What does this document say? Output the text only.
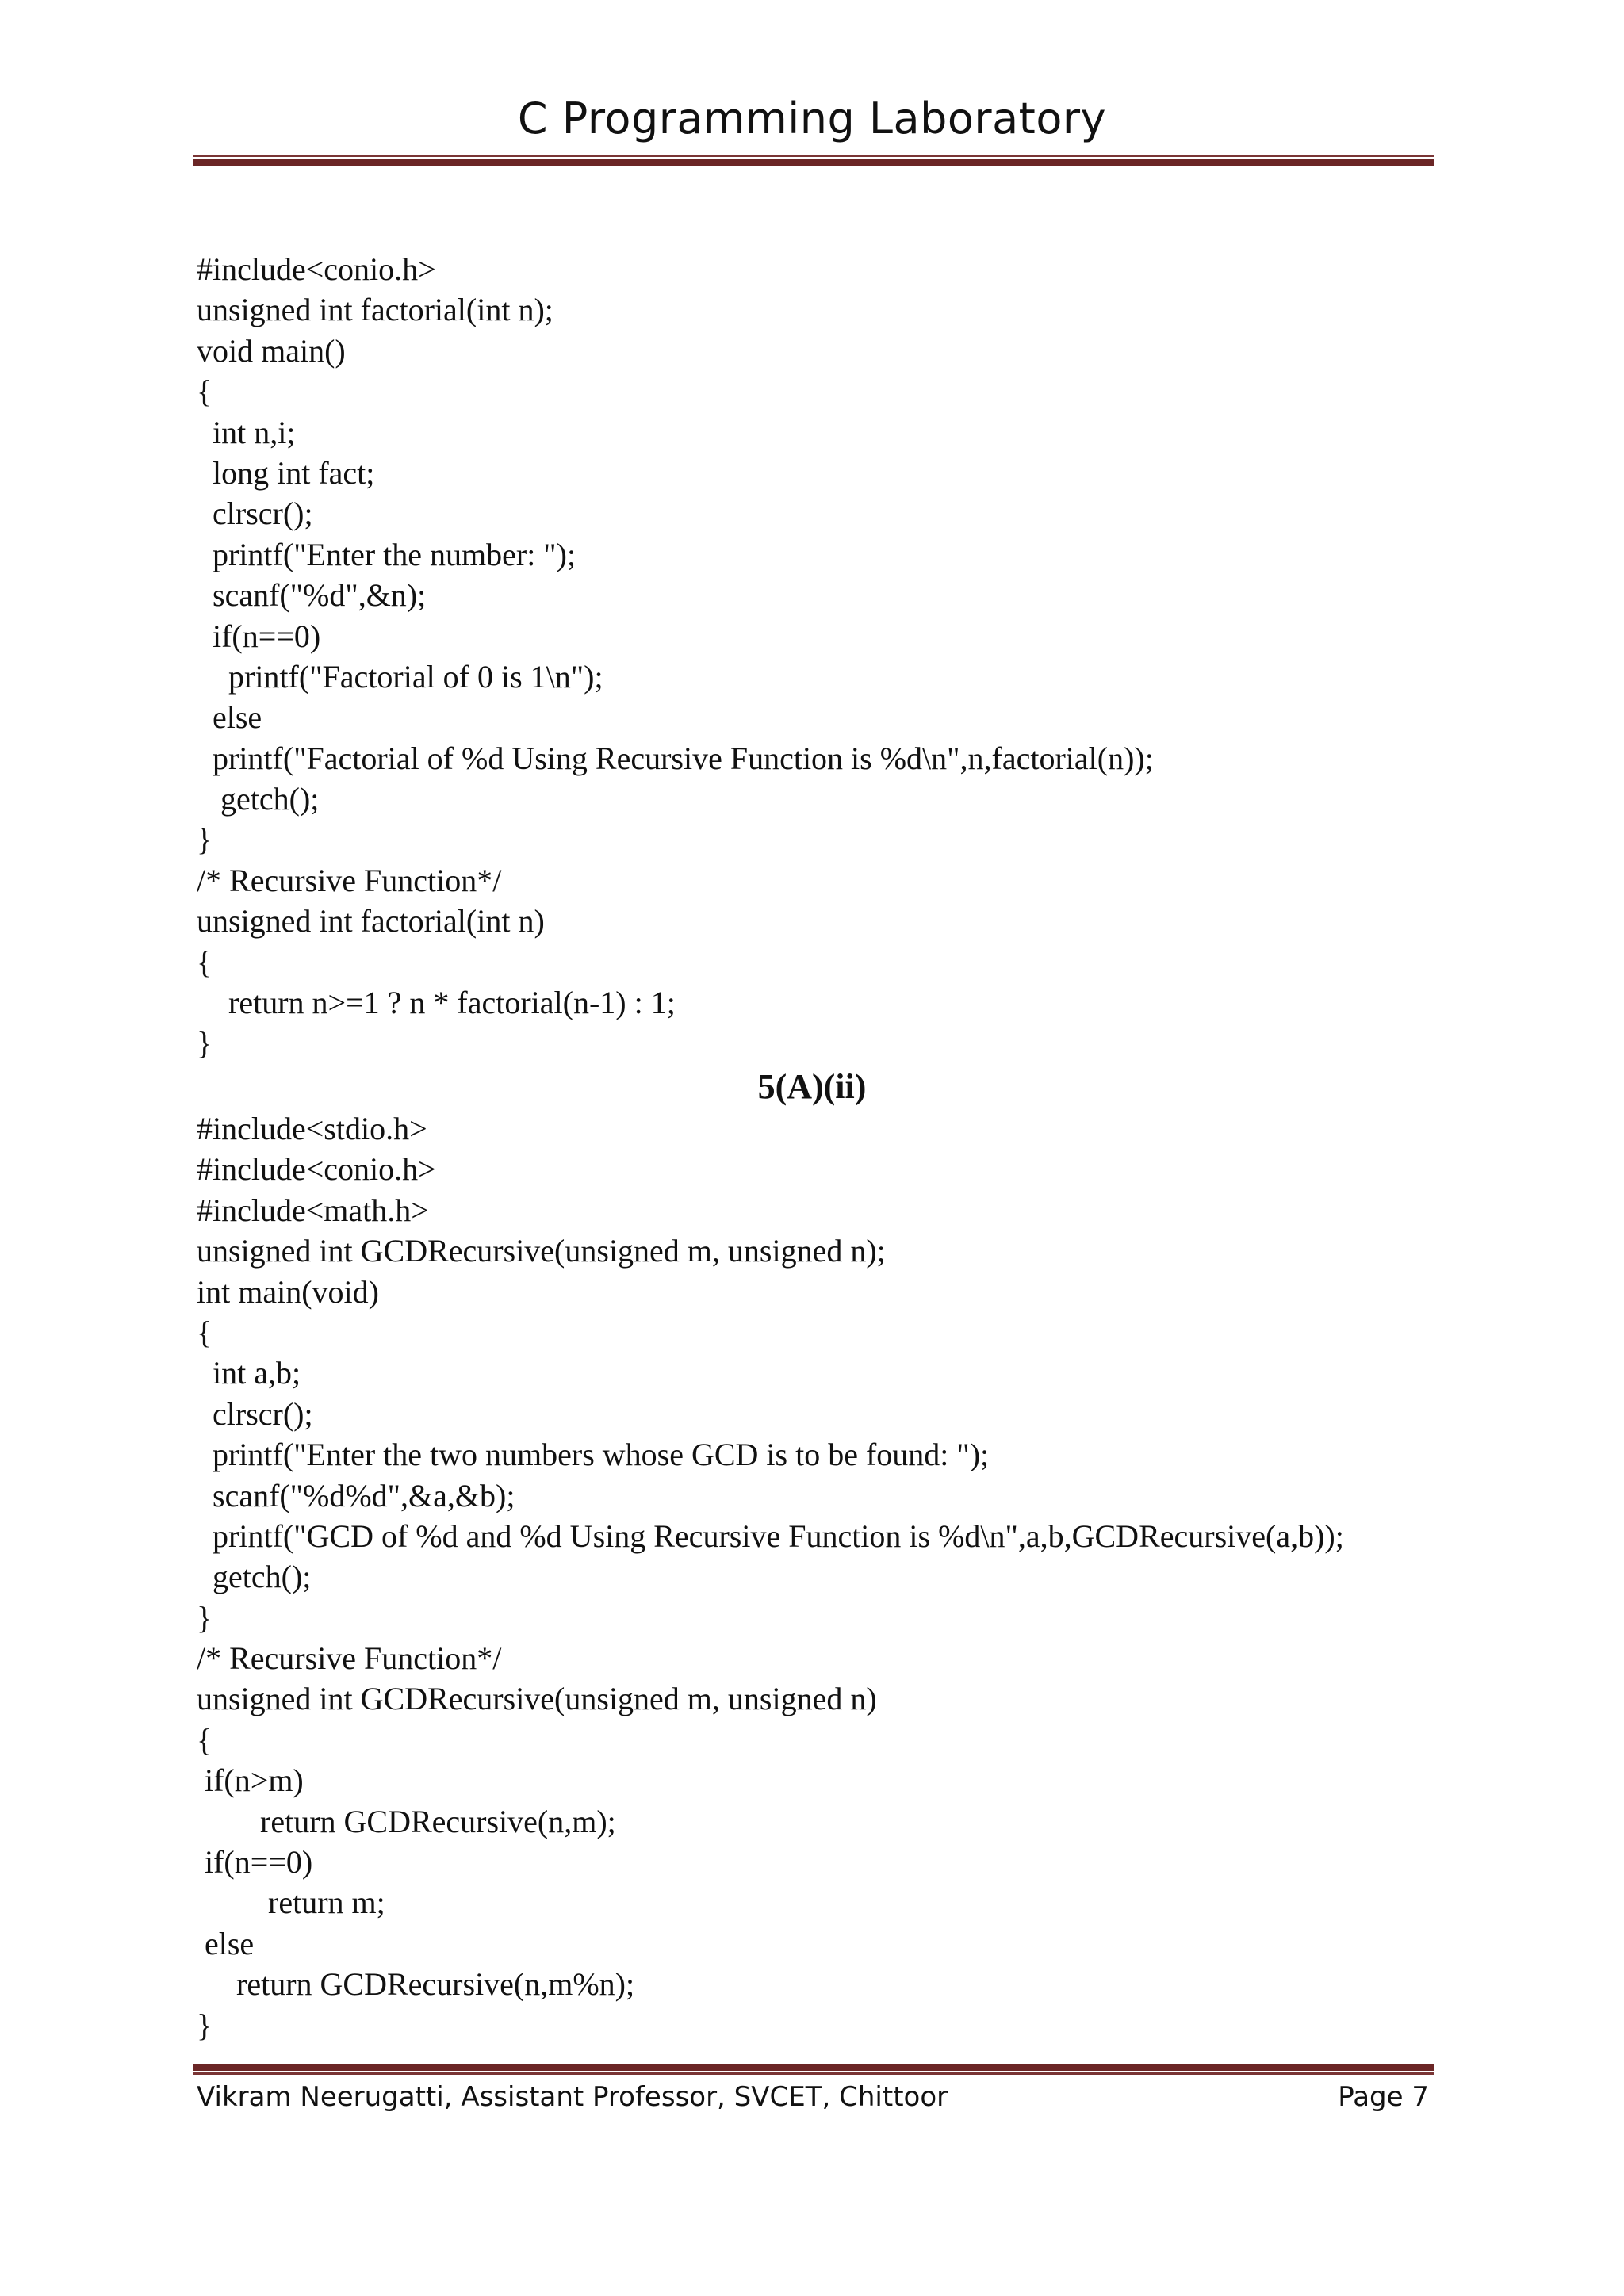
C Programming Laboratory
#include<conio.h>
unsigned int factorial(int n);
void main()
{
int n,i;
long int fact;
clrscr();
printf("Enter the number: ");
scanf("%d",&n);
if(n==0)
printf("Factorial of 0 is 1\n");
else
printf("Factorial of %d Using Recursive Function is %d\n",n,factorial(n));
getch();
}
/* Recursive Function*/
unsigned int factorial(int n)
{
return n>=1 ? n * factorial(n-1) : 1;
}
5(A)(ii)
#include<stdio.h>
#include<conio.h>
#include<math.h>
unsigned int GCDRecursive(unsigned m, unsigned n);
int main(void)
{
int a,b;
clrscr();
printf("Enter the two numbers whose GCD is to be found: ");
scanf("%d%d",&a,&b);
printf("GCD of %d and %d Using Recursive Function is %d\n",a,b,GCDRecursive(a,b));
getch();
}
/* Recursive Function*/
unsigned int GCDRecursive(unsigned m, unsigned n)
{
if(n>m)
return GCDRecursive(n,m);
if(n==0)
return m;
else
return GCDRecursive(n,m%n);
}
Vikram Neerugatti, Assistant Professor, SVCET, Chittoor	Page 7
